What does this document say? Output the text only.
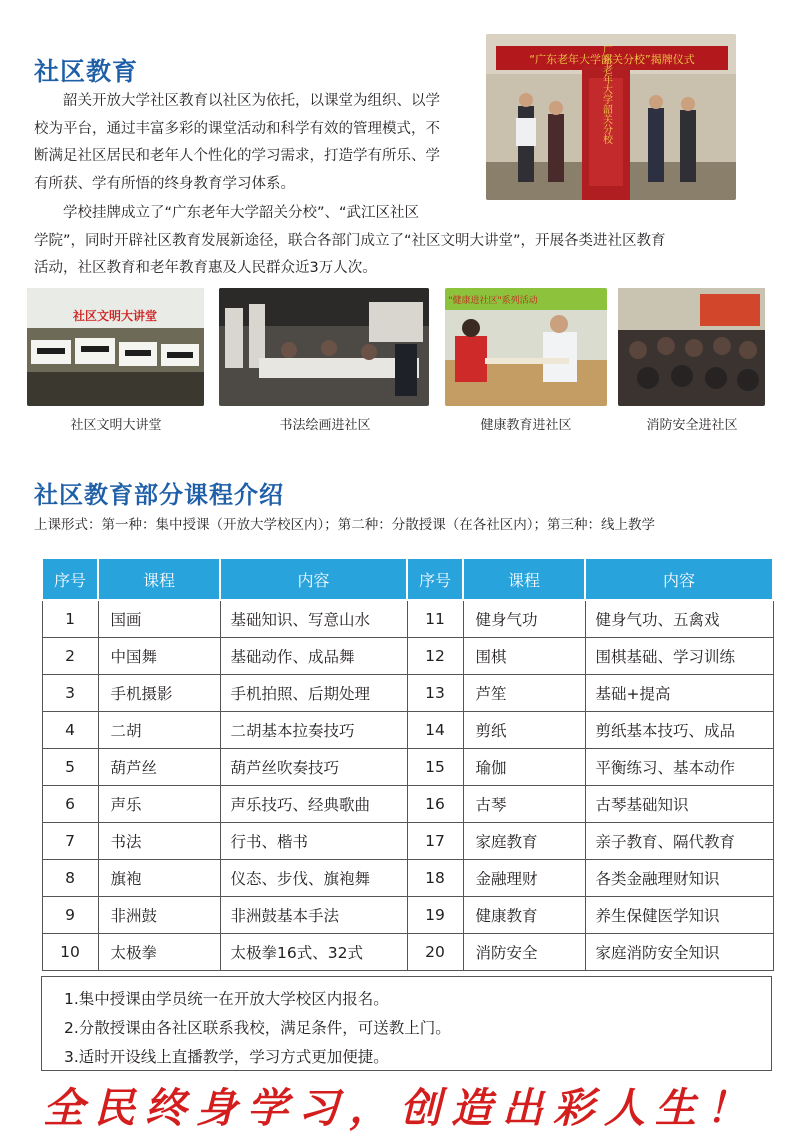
社区教育

韶关开放大学社区教育以社区为依托，以课堂为组织、以学

校为平台，通过丰富多彩的课堂活动和科学有效的管理模式，不

断满足社区居民和老年人个性化的学习需求，打造学有所乐、学

有所获、学有所悟的终身教育学习体系。

学校挂牌成立了“广东老年大学韶关分校”、“武江区社区

学院”，同时开辟社区教育发展新途径，联合各部门成立了“社区文明大讲堂”，开展各类进社区教育

活动，社区教育和老年教育惠及人民群众近3万人次。

“广东老年大学韶关分校”揭牌仪式
广东老年大学韶关分校
社区文明大讲堂
"健康进社区"系列活动
社区文明大讲堂	书法绘画进社区	健康教育进社区	消防安全进社区
社区教育部分课程介绍
上课形式：第一种：集中授课（开放大学校区内）；第二种：分散授课（在各社区内）；第三种：线上教学
序号	课程	内容	序号	课程	内容
1	国画	基础知识、写意山水	11	健身气功	健身气功、五禽戏
2	中国舞	基础动作、成品舞	12	围棋	围棋基础、学习训练
3	手机摄影	手机拍照、后期处理	13	芦笙	基础+提高
4	二胡	二胡基本拉奏技巧	14	剪纸	剪纸基本技巧、成品
5	葫芦丝	葫芦丝吹奏技巧	15	瑜伽	平衡练习、基本动作
6	声乐	声乐技巧、经典歌曲	16	古琴	古琴基础知识
7	书法	行书、楷书	17	家庭教育	亲子教育、隔代教育
8	旗袍	仪态、步伐、旗袍舞	18	金融理财	各类金融理财知识
9	非洲鼓	非洲鼓基本手法	19	健康教育	养生保健医学知识
10	太极拳	太极拳16式、32式	20	消防安全	家庭消防安全知识
1.集中授课由学员统一在开放大学校区内报名。
2.分散授课由各社区联系我校，满足条件，可送教上门。
3.适时开设线上直播教学，学习方式更加便捷。
全民终身学习，创造出彩人生！
